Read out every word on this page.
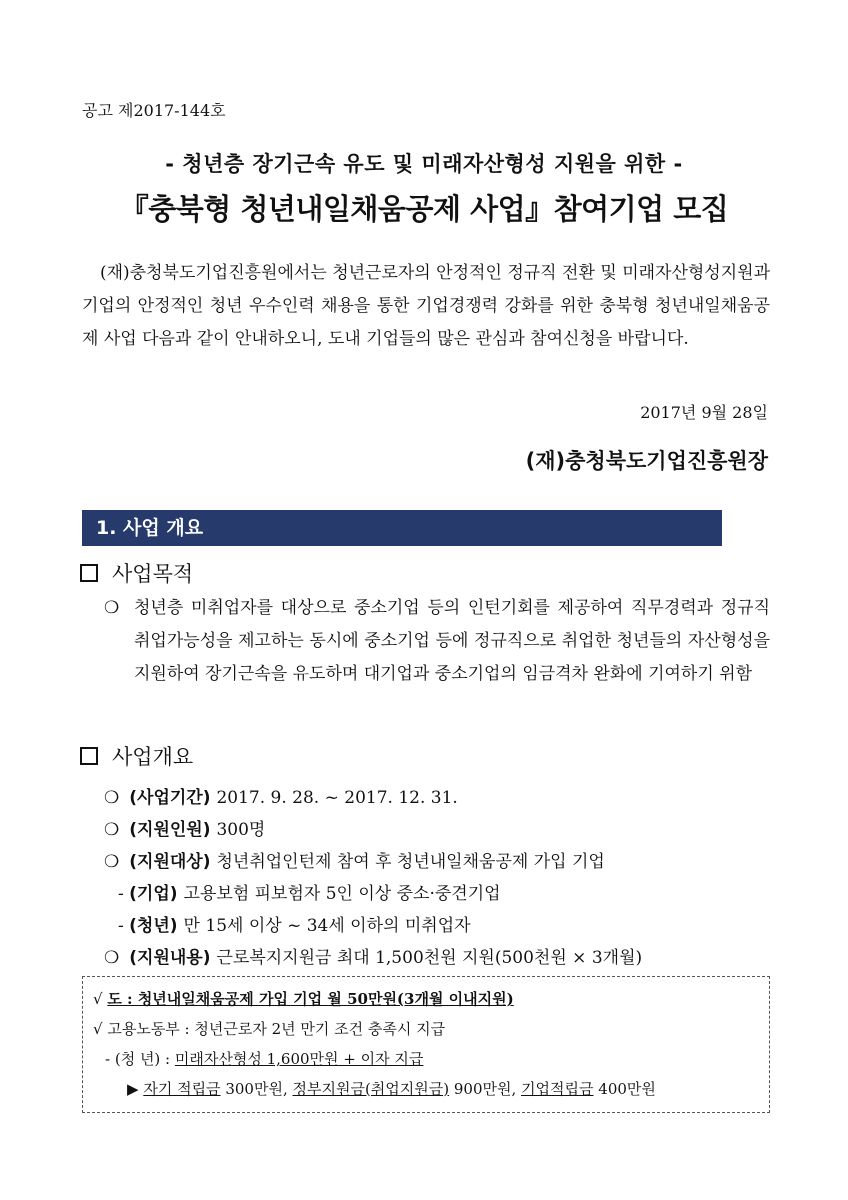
공고 제2017-144호
- 청년층 장기근속 유도 및 미래자산형성 지원을 위한 -
『충북형 청년내일채움공제 사업』참여기업 모집
(재)충청북도기업진흥원에서는 청년근로자의 안정적인 정규직 전환 및 미래자산형성지원과 기업의 안정적인 청년 우수인력 채용을 통한 기업경쟁력 강화를 위한 충북형 청년내일채움공제 사업 다음과 같이 안내하오니, 도내 기업들의 많은 관심과 참여신청을 바랍니다.
2017년 9월 28일
(재)충청북도기업진흥원장
1. 사업 개요
사업목적
❍ 청년층 미취업자를 대상으로 중소기업 등의 인턴기회를 제공하여 직무경력과 정규직 취업가능성을 제고하는 동시에 중소기업 등에 정규직으로 취업한 청년들의 자산형성을 지원하여 장기근속을 유도하며 대기업과 중소기업의 임금격차 완화에 기여하기 위함
사업개요
❍ (사업기간) 2017. 9. 28. ~ 2017. 12. 31.
❍ (지원인원) 300명
❍ (지원대상) 청년취업인턴제 참여 후 청년내일채움공제 가입 기업
- (기업) 고용보험 피보험자 5인 이상 중소·중견기업
- (청년) 만 15세 이상 ~ 34세 이하의 미취업자
❍ (지원내용) 근로복지지원금 최대 1,500천원 지원(500천원 × 3개월)
√ 도 : 청년내일채움공제 가입 기업 월 50만원(3개월 이내지원)
√ 고용노동부 : 청년근로자 2년 만기 조건 충족시 지급
- (청 년) : 미래자산형성 1,600만원 + 이자 지급
▶ 자기 적립금 300만원, 정부지원금(취업지원금) 900만원, 기업적립금 400만원
